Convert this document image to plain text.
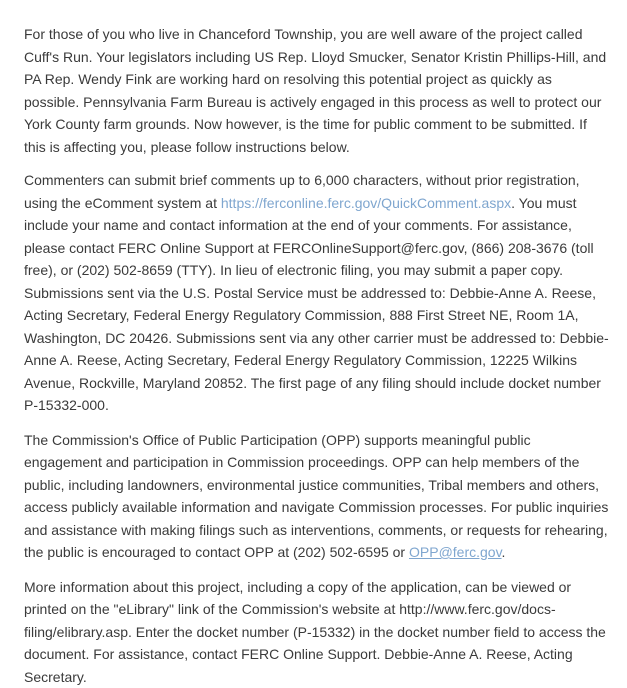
For those of you who live in Chanceford Township, you are well aware of the project called Cuff's Run. Your legislators including US Rep. Lloyd Smucker, Senator Kristin Phillips-Hill, and PA Rep. Wendy Fink are working hard on resolving this potential project as quickly as possible. Pennsylvania Farm Bureau is actively engaged in this process as well to protect our York County farm grounds. Now however, is the time for public comment to be submitted. If this is affecting you, please follow instructions below.

Commenters can submit brief comments up to 6,000 characters, without prior registration, using the eComment system at https://ferconline.ferc.gov/QuickComment.aspx. You must include your name and contact information at the end of your comments. For assistance, please contact FERC Online Support at FERCOnlineSupport@ferc.gov, (866) 208-3676 (toll free), or (202) 502-8659 (TTY). In lieu of electronic filing, you may submit a paper copy. Submissions sent via the U.S. Postal Service must be addressed to: Debbie-Anne A. Reese, Acting Secretary, Federal Energy Regulatory Commission, 888 First Street NE, Room 1A, Washington, DC 20426. Submissions sent via any other carrier must be addressed to: Debbie-Anne A. Reese, Acting Secretary, Federal Energy Regulatory Commission, 12225 Wilkins Avenue, Rockville, Maryland 20852. The first page of any filing should include docket number P-15332-000.

The Commission's Office of Public Participation (OPP) supports meaningful public engagement and participation in Commission proceedings. OPP can help members of the public, including landowners, environmental justice communities, Tribal members and others, access publicly available information and navigate Commission processes. For public inquiries and assistance with making filings such as interventions, comments, or requests for rehearing, the public is encouraged to contact OPP at (202) 502-6595 or OPP@ferc.gov.

More information about this project, including a copy of the application, can be viewed or printed on the "eLibrary" link of the Commission's website at http://www.ferc.gov/docs-filing/elibrary.asp. Enter the docket number (P-15332) in the docket number field to access the document. For assistance, contact FERC Online Support. Debbie-Anne A. Reese, Acting Secretary.
